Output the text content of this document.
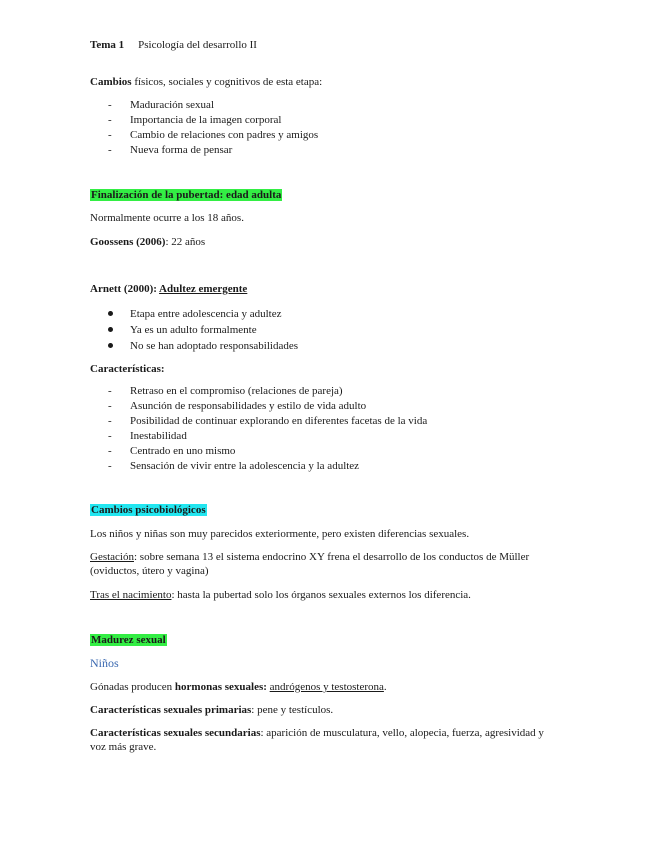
Tema 1 Psicología del desarrollo II
Cambios físicos, sociales y cognitivos de esta etapa:
-	Maduración sexual
-	Importancia de la imagen corporal
-	Cambio de relaciones con padres y amigos
-	Nueva forma de pensar
Finalización de la pubertad: edad adulta
Normalmente ocurre a los 18 años.
Goossens (2006): 22 años
Arnett (2000): Adultez emergente
Etapa entre adolescencia y adultez
Ya es un adulto formalmente
No se han adoptado responsabilidades
Características:
-	Retraso en el compromiso (relaciones de pareja)
-	Asunción de responsabilidades y estilo de vida adulto
-	Posibilidad de continuar explorando en diferentes facetas de la vida
-	Inestabilidad
-	Centrado en uno mismo
-	Sensación de vivir entre la adolescencia y la adultez
Cambios psicobiológicos
Los niños y niñas son muy parecidos exteriormente, pero existen diferencias sexuales.
Gestación: sobre semana 13 el sistema endocrino XY frena el desarrollo de los conductos de Müller (oviductos, útero y vagina)
Tras el nacimiento: hasta la pubertad solo los órganos sexuales externos los diferencia.
Madurez sexual
Niños
Gónadas producen hormonas sexuales: andrógenos y testosterona.
Características sexuales primarias: pene y testículos.
Características sexuales secundarias: aparición de musculatura, vello, alopecia, fuerza, agresividad y voz más grave.
